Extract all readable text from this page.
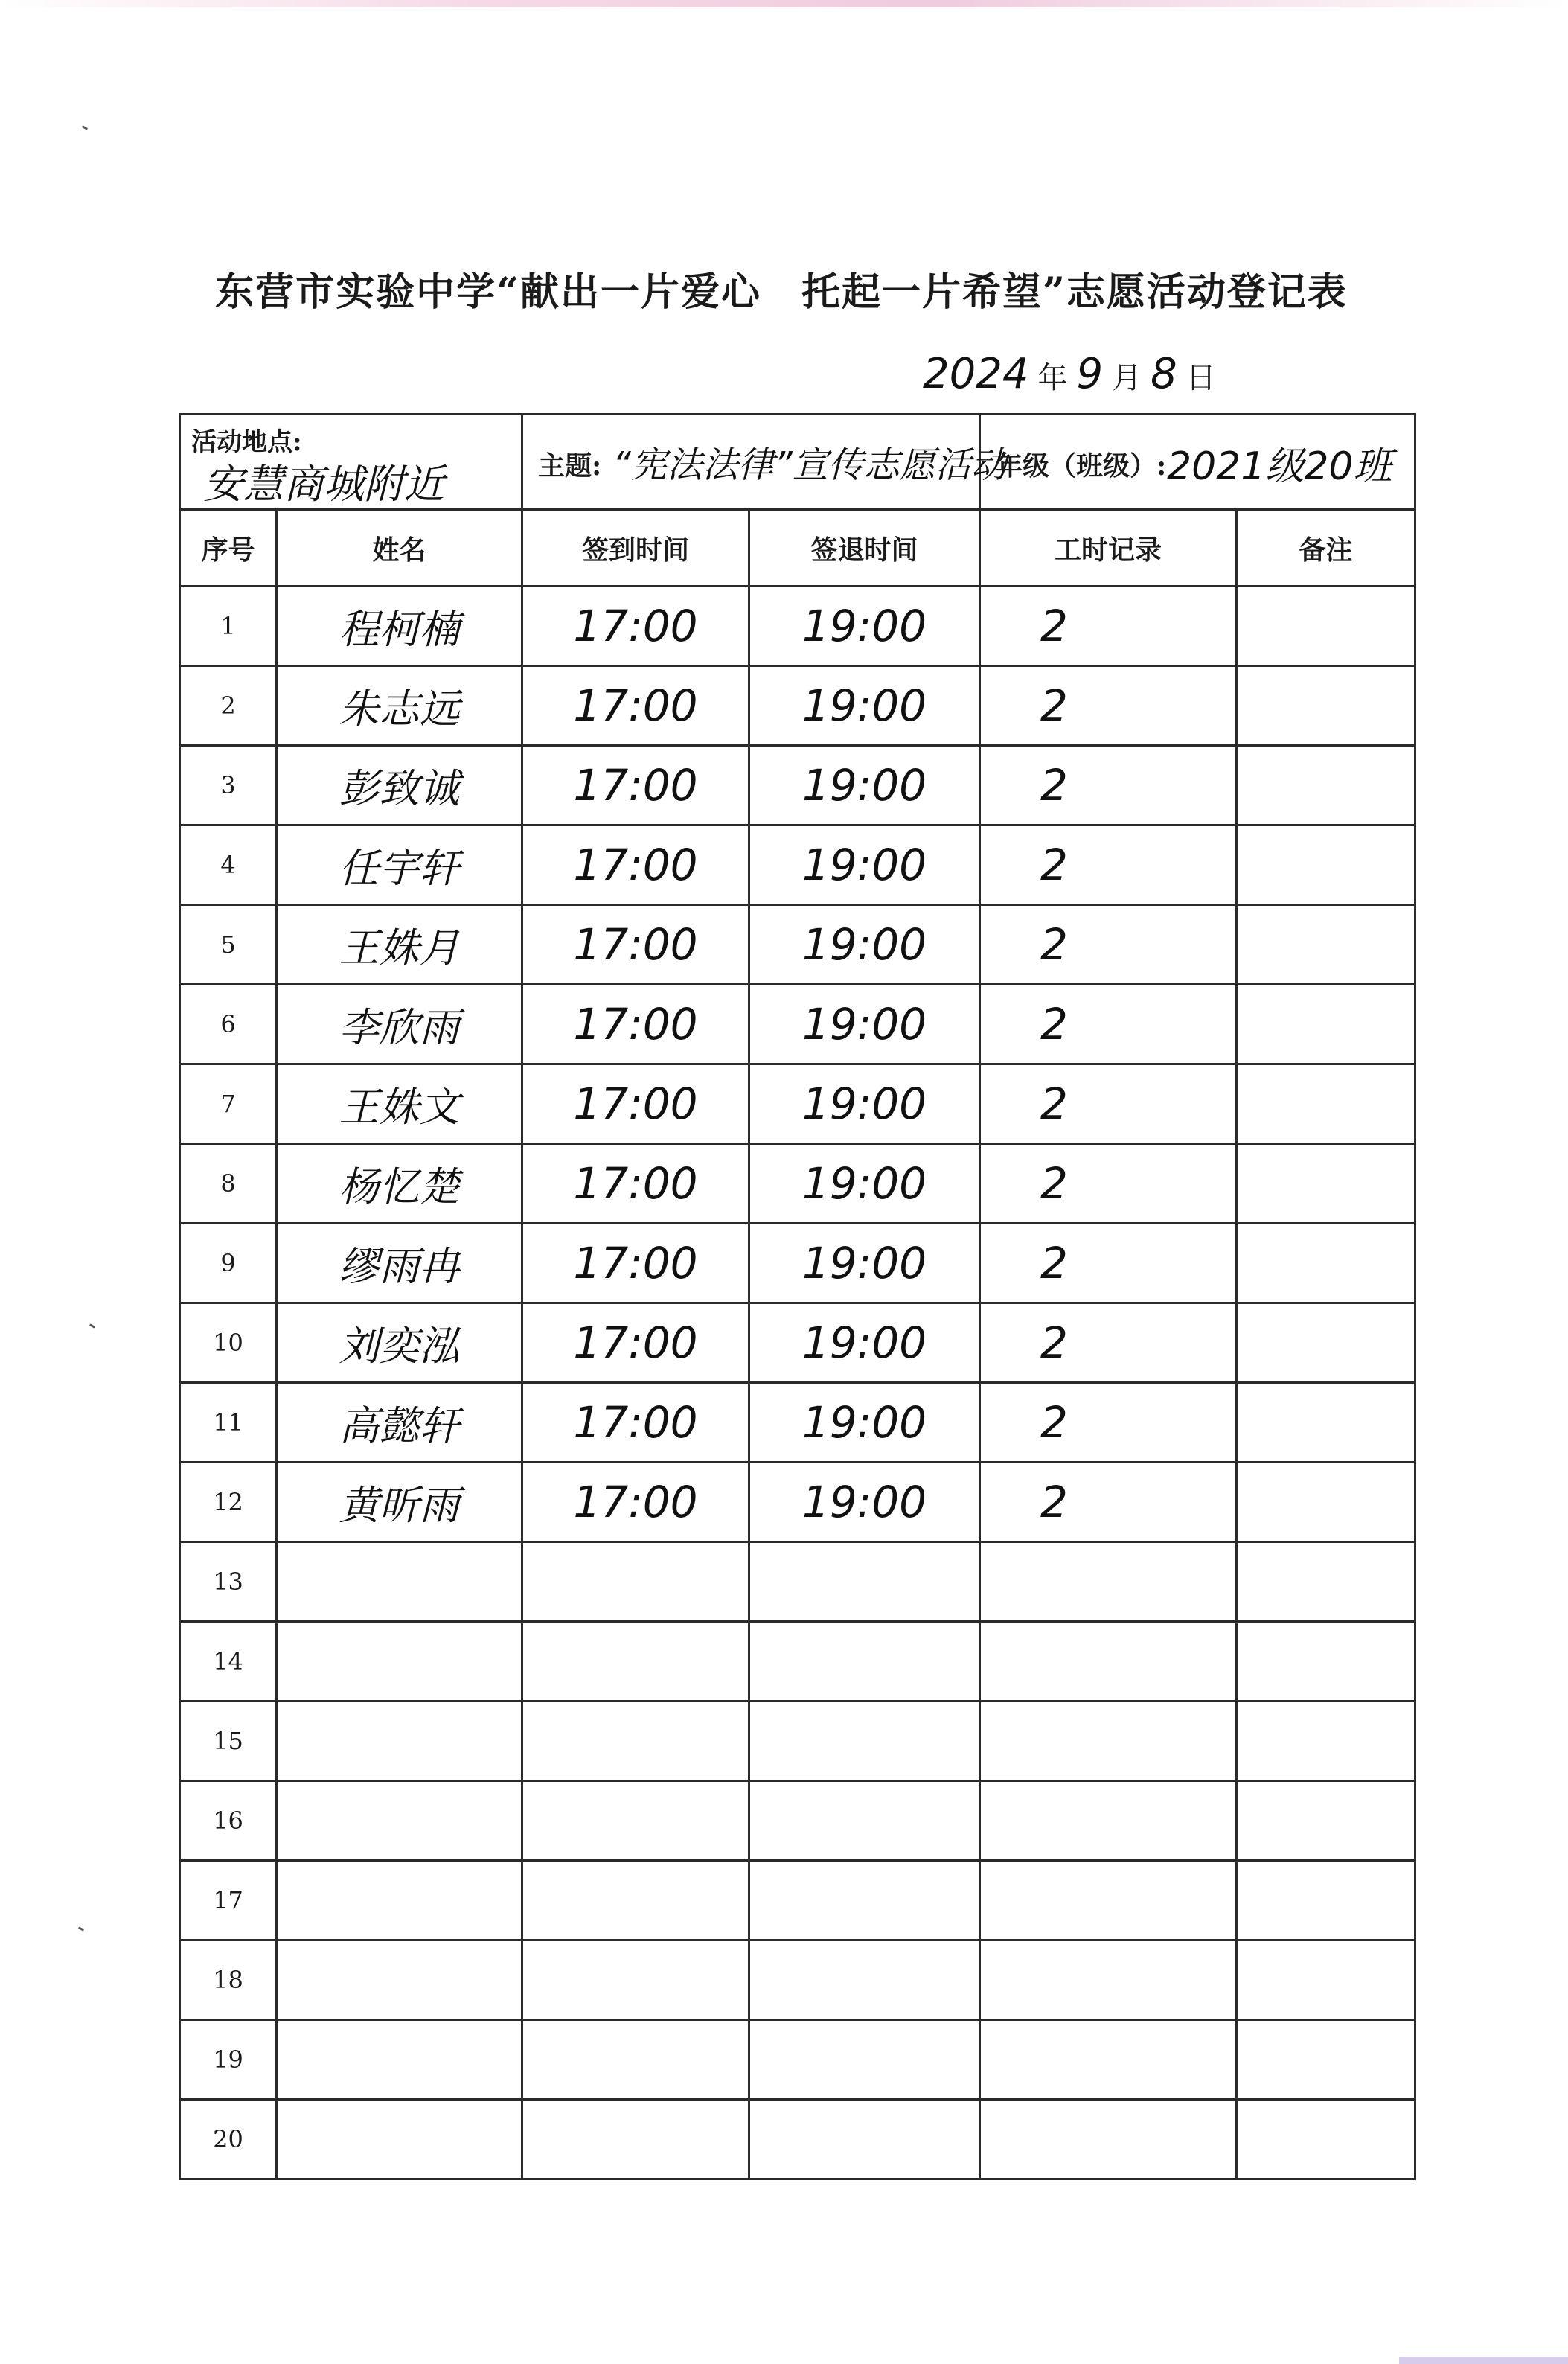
东营市实验中学“献出一片爱心　托起一片希望”志愿活动登记表
2024 年 9 月 8 日
活动地点:
安慧商城附近		主题: “宪法法律”宣传志愿活动		年级（班级）: 2021级20班	

序号	姓名	签到时间	签退时间	工时记录	备注
1	程柯楠	17:00	19:00	2	
2	朱志远	17:00	19:00	2	
3	彭致诚	17:00	19:00	2	
4	任宇轩	17:00	19:00	2	
5	王姝月	17:00	19:00	2	
6	李欣雨	17:00	19:00	2	
7	王姝文	17:00	19:00	2	
8	杨忆楚	17:00	19:00	2	
9	缪雨冉	17:00	19:00	2	
10	刘奕泓	17:00	19:00	2	
11	高懿轩	17:00	19:00	2	
12	黄昕雨	17:00	19:00	2	
13					
14					
15					
16					
17					
18					
19					
20					
